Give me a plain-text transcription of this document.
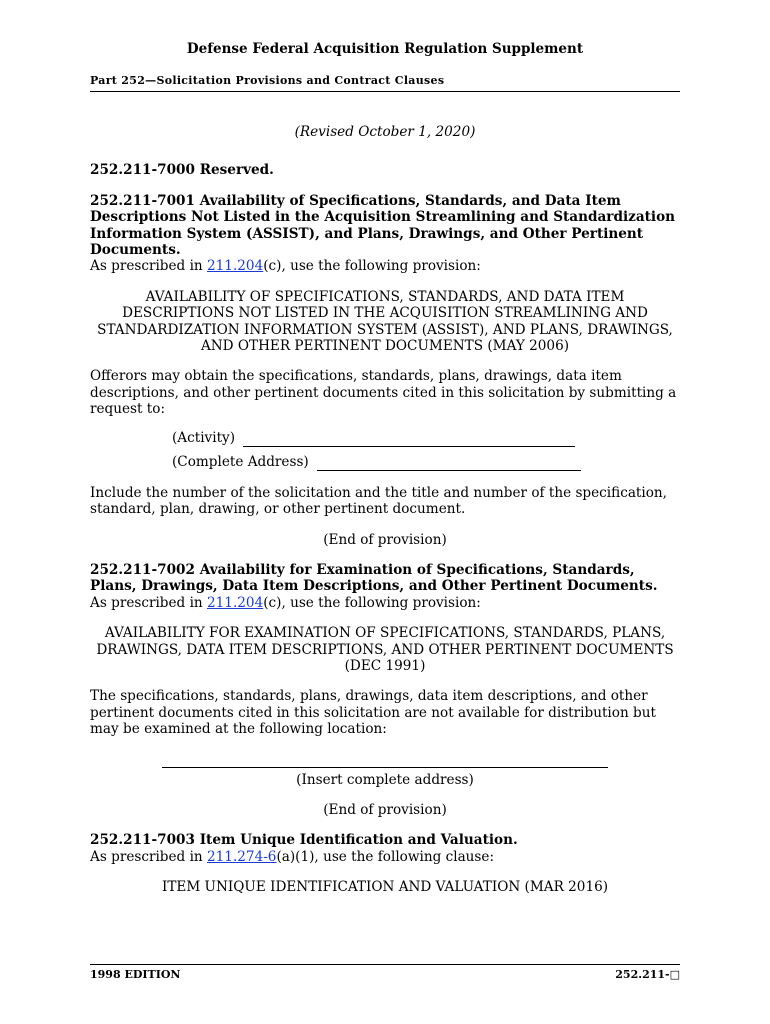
Defense Federal Acquisition Regulation Supplement
Part 252—Solicitation Provisions and Contract Clauses

(Revised October 1, 2020)

252.211-7000 Reserved.

252.211-7001 Availability of Specifications, Standards, and Data Item Descriptions Not Listed in the Acquisition Streamlining and Standardization Information System (ASSIST), and Plans, Drawings, and Other Pertinent Documents.

As prescribed in 211.204(c), use the following provision:

AVAILABILITY OF SPECIFICATIONS, STANDARDS, AND DATA ITEM DESCRIPTIONS NOT LISTED IN THE ACQUISITION STREAMLINING AND STANDARDIZATION INFORMATION SYSTEM (ASSIST), AND PLANS, DRAWINGS, AND OTHER PERTINENT DOCUMENTS (MAY 2006)

Offerors may obtain the specifications, standards, plans, drawings, data item descriptions, and other pertinent documents cited in this solicitation by submitting a request to:

(Activity)
(Complete Address)

Include the number of the solicitation and the title and number of the specification, standard, plan, drawing, or other pertinent document.

(End of provision)

252.211-7002 Availability for Examination of Specifications, Standards, Plans, Drawings, Data Item Descriptions, and Other Pertinent Documents.

As prescribed in 211.204(c), use the following provision:

AVAILABILITY FOR EXAMINATION OF SPECIFICATIONS, STANDARDS, PLANS, DRAWINGS, DATA ITEM DESCRIPTIONS, AND OTHER PERTINENT DOCUMENTS (DEC 1991)

The specifications, standards, plans, drawings, data item descriptions, and other pertinent documents cited in this solicitation are not available for distribution but may be examined at the following location:

(Insert complete address)

(End of provision)

252.211-7003 Item Unique Identification and Valuation.

As prescribed in 211.274-6(a)(1), use the following clause:

ITEM UNIQUE IDENTIFICATION AND VALUATION (MAR 2016)

1998 EDITION	252.211-□
